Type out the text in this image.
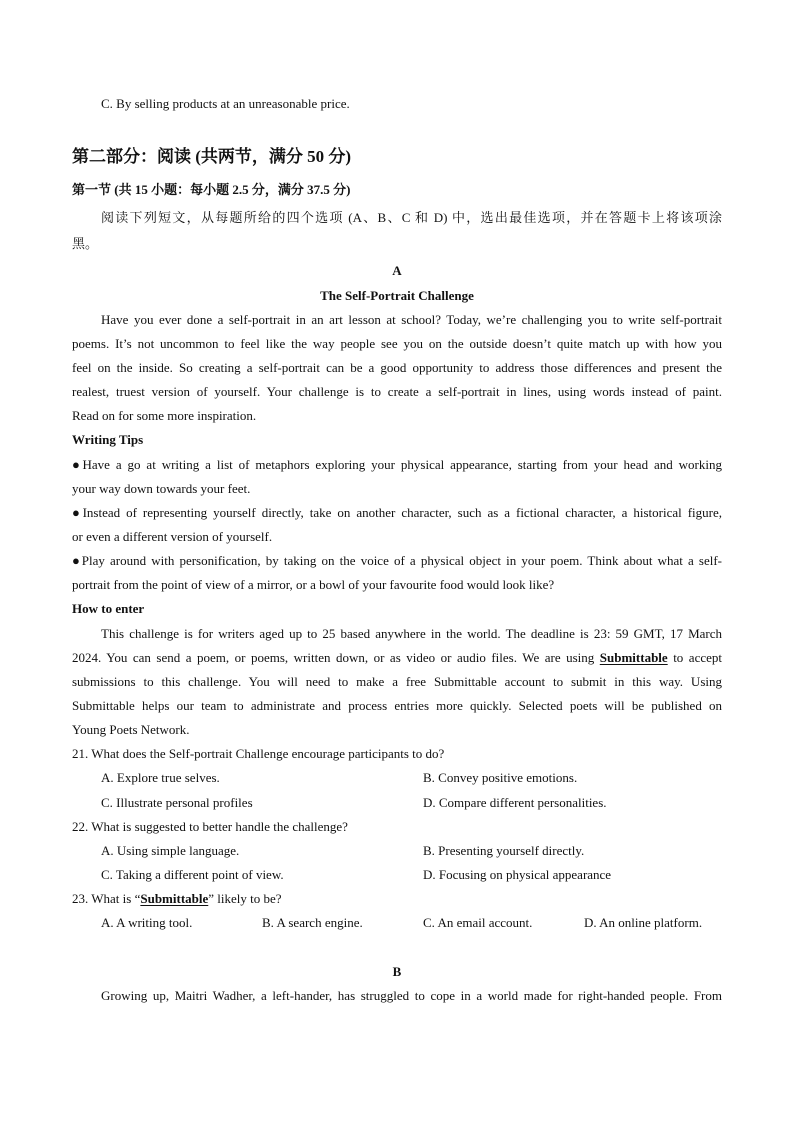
C. By selling products at an unreasonable price.
第二部分：阅读 (共两节，满分 50 分)
第一节 (共 15 小题：每小题 2.5 分，满分 37.5 分)
阅读下列短文，从每题所给的四个选项 (A、B、C 和 D) 中，选出最佳选项，并在答题卡上将该项涂
黑。
A
The Self-Portrait Challenge
Have you ever done a self-portrait in an art lesson at school? Today, we’re challenging you to write self-portrait
poems. It’s not uncommon to feel like the way people see you on the outside doesn’t quite match up with how you
feel on the inside. So creating a self-portrait can be a good opportunity to address those differences and present the
realest, truest version of yourself. Your challenge is to create a self-portrait in lines, using words instead of paint.
Read on for some more inspiration.
Writing Tips
●Have a go at writing a list of metaphors exploring your physical appearance, starting from your head and working
your way down towards your feet.
●Instead of representing yourself directly, take on another character, such as a fictional character, a historical figure,
or even a different version of yourself.
●Play around with personification, by taking on the voice of a physical object in your poem. Think about what a self-
portrait from the point of view of a mirror, or a bowl of your favourite food would look like?
How to enter
This challenge is for writers aged up to 25 based anywhere in the world. The deadline is 23: 59 GMT, 17 March
2024. You can send a poem, or poems, written down, or as video or audio files. We are using Submittable to accept
submissions to this challenge. You will need to make a free Submittable account to submit in this way. Using
Submittable helps our team to administrate and process entries more quickly. Selected poets will be published on
Young Poets Network.
21. What does the Self-portrait Challenge encourage participants to do?
A. Explore true selves.	B. Convey positive emotions.
C. Illustrate personal profiles	D. Compare different personalities.
22. What is suggested to better handle the challenge?
A. Using simple language.	B. Presenting yourself directly.
C. Taking a different point of view.	D. Focusing on physical appearance
23. What is “Submittable” likely to be?
A. A writing tool.	B. A search engine.	C. An email account.	D. An online platform.
B
Growing up, Maitri Wadher, a left-hander, has struggled to cope in a world made for right-handed people. From
